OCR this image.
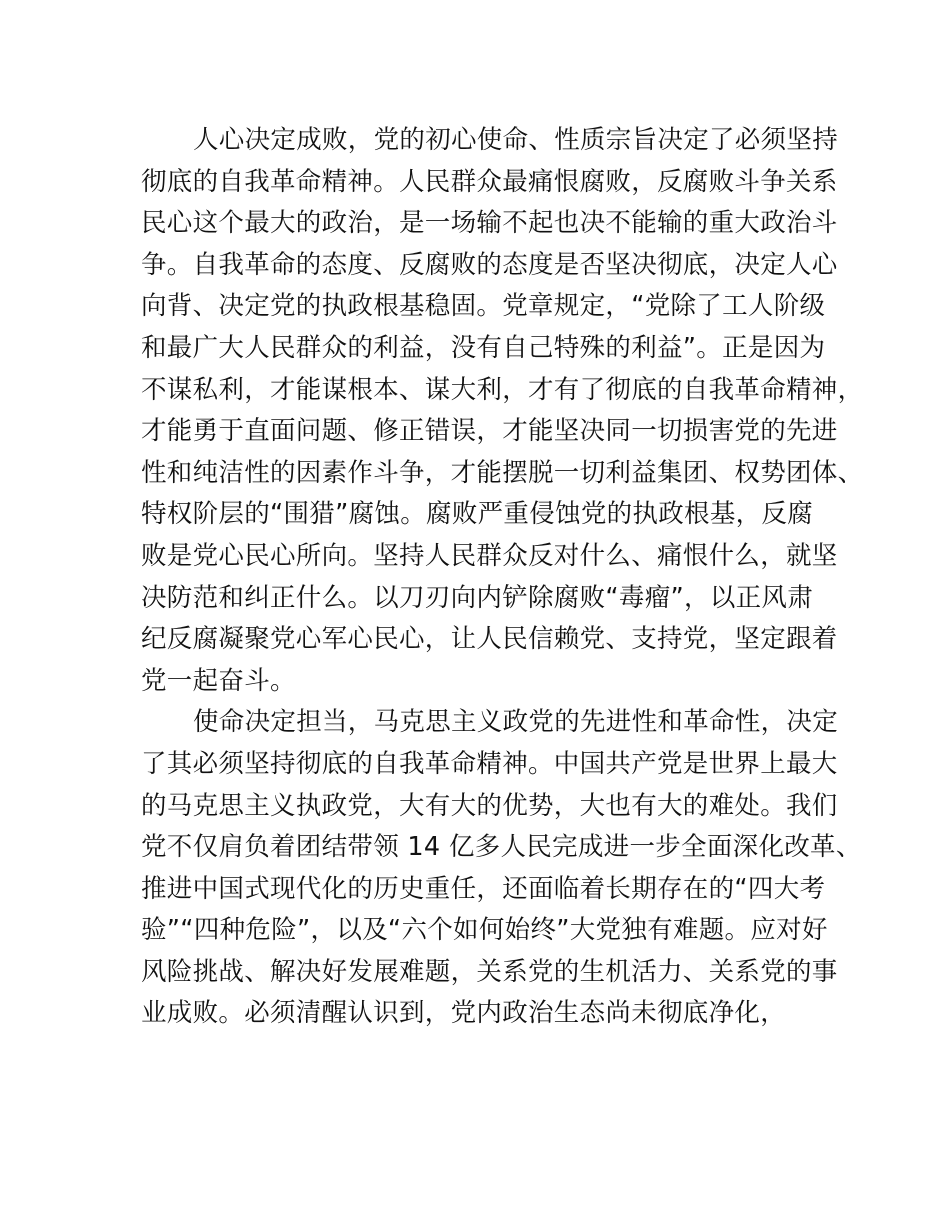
人心决定成败，党的初心使命、性质宗旨决定了必须坚持
彻底的自我革命精神。人民群众最痛恨腐败，反腐败斗争关系
民心这个最大的政治，是一场输不起也决不能输的重大政治斗
争。自我革命的态度、反腐败的态度是否坚决彻底，决定人心
向背、决定党的执政根基稳固。党章规定，“党除了工人阶级
和最广大人民群众的利益，没有自己特殊的利益”。正是因为
不谋私利，才能谋根本、谋大利，才有了彻底的自我革命精神，
才能勇于直面问题、修正错误，才能坚决同一切损害党的先进
性和纯洁性的因素作斗争，才能摆脱一切利益集团、权势团体、
特权阶层的“围猎”腐蚀。腐败严重侵蚀党的执政根基，反腐
败是党心民心所向。坚持人民群众反对什么、痛恨什么，就坚
决防范和纠正什么。以刀刃向内铲除腐败“毒瘤”，以正风肃
纪反腐凝聚党心军心民心，让人民信赖党、支持党，坚定跟着
党一起奋斗。
使命决定担当，马克思主义政党的先进性和革命性，决定
了其必须坚持彻底的自我革命精神。中国共产党是世界上最大
的马克思主义执政党，大有大的优势，大也有大的难处。我们
党不仅肩负着团结带领 14 亿多人民完成进一步全面深化改革、
推进中国式现代化的历史重任，还面临着长期存在的“四大考
验”“四种危险”，以及“六个如何始终”大党独有难题。应对好
风险挑战、解决好发展难题，关系党的生机活力、关系党的事
业成败。必须清醒认识到，党内政治生态尚未彻底净化，
